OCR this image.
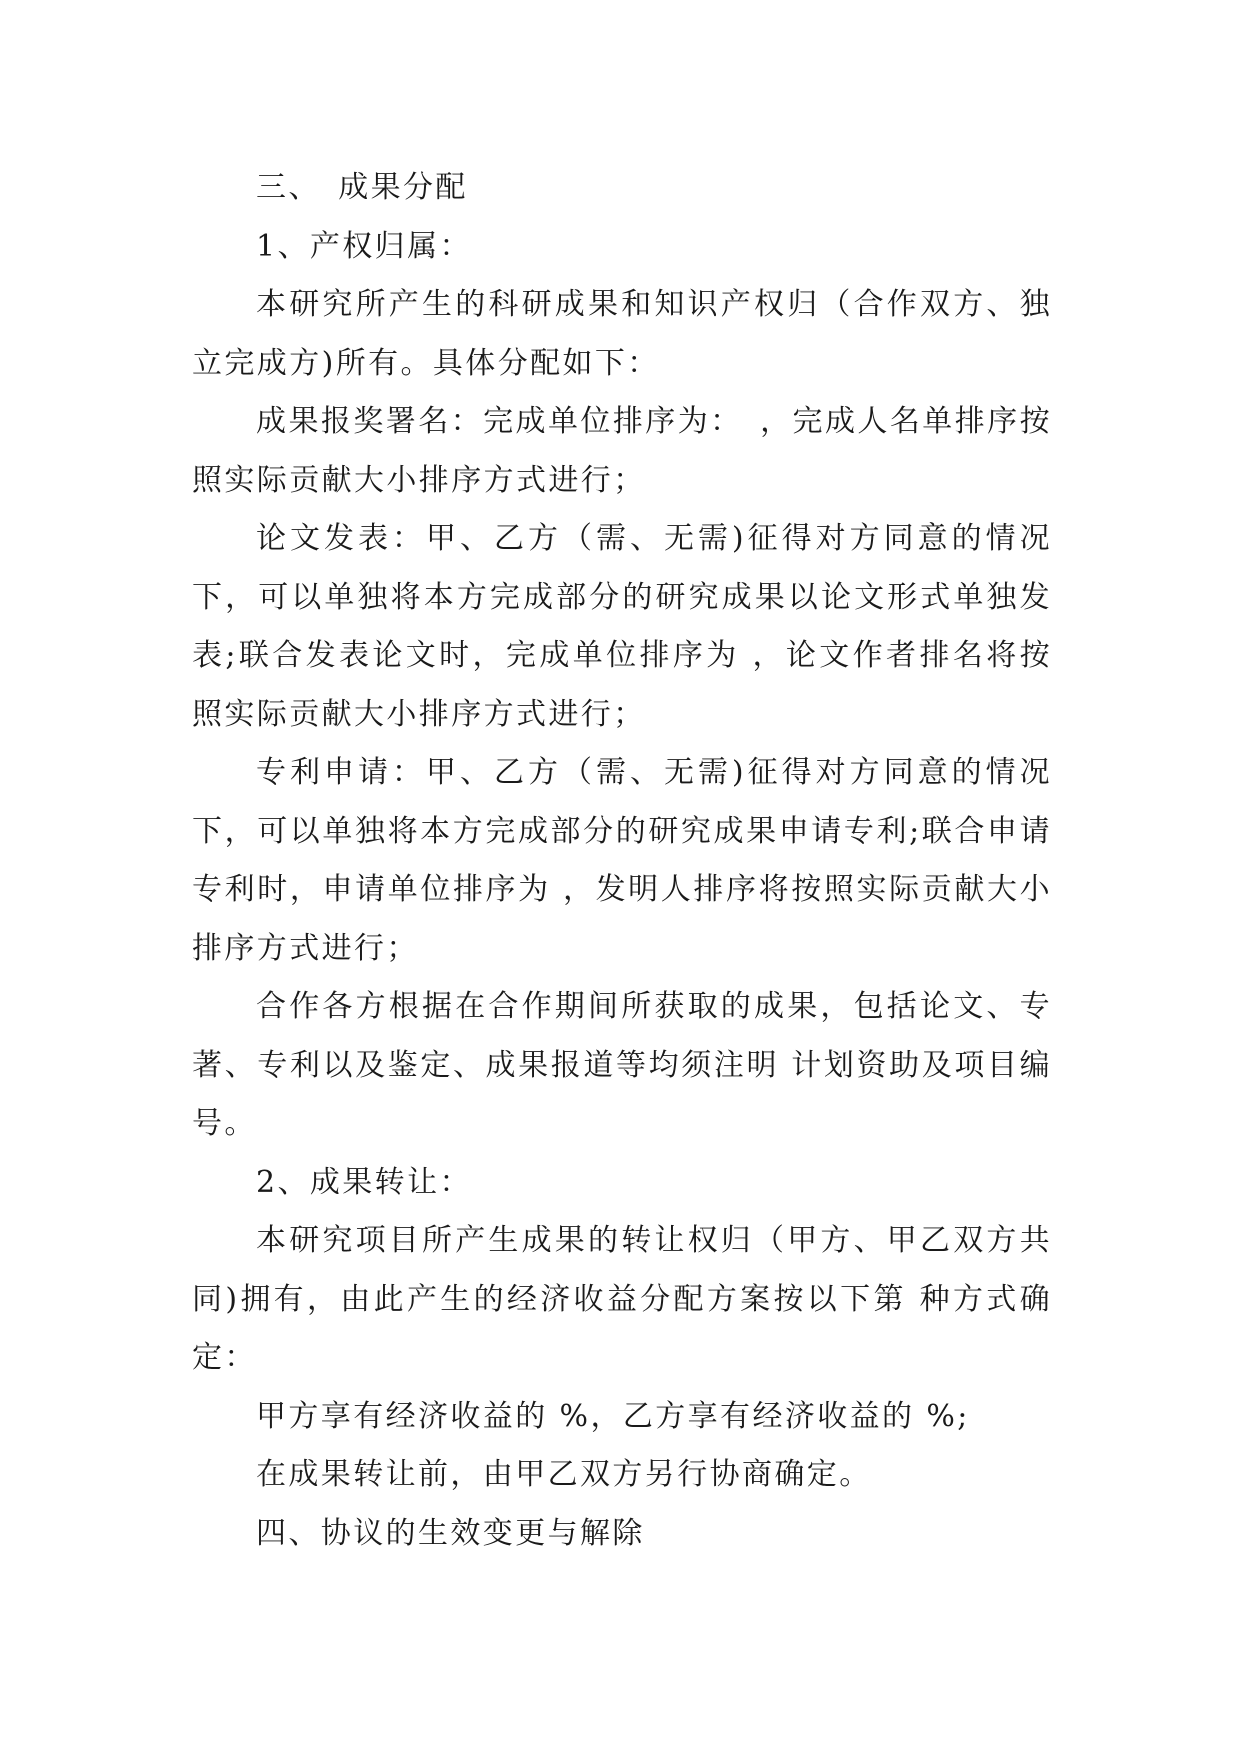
三、　成果分配

1、产权归属：

本研究所产生的科研成果和知识产权归（合作双方、独立完成方)所有。具体分配如下：

成果报奖署名：完成单位排序为：　，完成人名单排序按照实际贡献大小排序方式进行；

论文发表：甲、乙方（需、无需)征得对方同意的情况下，可以单独将本方完成部分的研究成果以论文形式单独发表;联合发表论文时，完成单位排序为 ，论文作者排名将按照实际贡献大小排序方式进行；

专利申请：甲、乙方（需、无需)征得对方同意的情况下，可以单独将本方完成部分的研究成果申请专利;联合申请专利时，申请单位排序为 ，发明人排序将按照实际贡献大小排序方式进行；

合作各方根据在合作期间所获取的成果，包括论文、专著、专利以及鉴定、成果报道等均须注明 计划资助及项目编号。

2、成果转让：

本研究项目所产生成果的转让权归（甲方、甲乙双方共同)拥有，由此产生的经济收益分配方案按以下第 种方式确定：

甲方享有经济收益的 %，乙方享有经济收益的 %;

在成果转让前，由甲乙双方另行协商确定。

四、协议的生效变更与解除
